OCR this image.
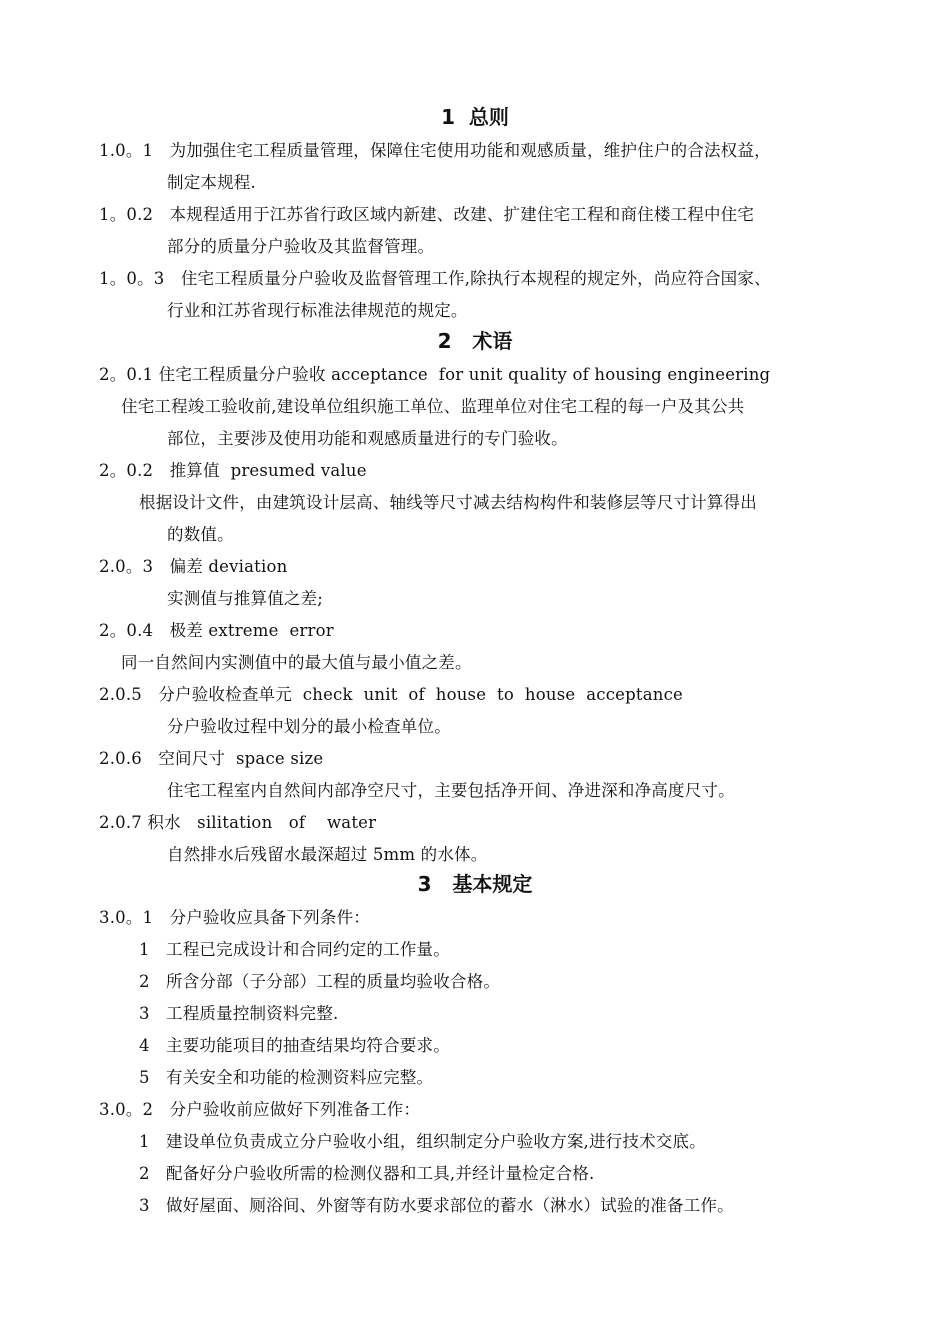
1  总则
1.0。1   为加强住宅工程质量管理，保障住宅使用功能和观感质量，维护住户的合法权益，
制定本规程.
1。0.2   本规程适用于江苏省行政区域内新建、改建、扩建住宅工程和商住楼工程中住宅
部分的质量分户验收及其监督管理。
1。0。3   住宅工程质量分户验收及监督管理工作,除执行本规程的规定外，尚应符合国家、
行业和江苏省现行标准法律规范的规定。
2   术语
2。0.1 住宅工程质量分户验收 acceptance  for unit quality of housing engineering
住宅工程竣工验收前,建设单位组织施工单位、监理单位对住宅工程的每一户及其公共
部位，主要涉及使用功能和观感质量进行的专门验收。
2。0.2   推算值  presumed value
根据设计文件，由建筑设计层高、轴线等尺寸减去结构构件和装修层等尺寸计算得出
的数值。
2.0。3   偏差 deviation
实测值与推算值之差;
2。0.4   极差 extreme  error
同一自然间内实测值中的最大值与最小值之差。
2.0.5   分户验收检查单元  check  unit  of  house  to  house  acceptance
分户验收过程中划分的最小检查单位。
2.0.6   空间尺寸  space size
住宅工程室内自然间内部净空尺寸，主要包括净开间、净进深和净高度尺寸。
2.0.7 积水   silitation   of    water
自然排水后残留水最深超过 5mm 的水体。
3   基本规定
3.0。1   分户验收应具备下列条件：
1   工程已完成设计和合同约定的工作量。
2   所含分部（子分部）工程的质量均验收合格。
3   工程质量控制资料完整.
4   主要功能项目的抽查结果均符合要求。
5   有关安全和功能的检测资料应完整。
3.0。2   分户验收前应做好下列准备工作：
1   建设单位负责成立分户验收小组，组织制定分户验收方案,进行技术交底。
2   配备好分户验收所需的检测仪器和工具,并经计量检定合格.
3   做好屋面、厕浴间、外窗等有防水要求部位的蓄水（淋水）试验的准备工作。
